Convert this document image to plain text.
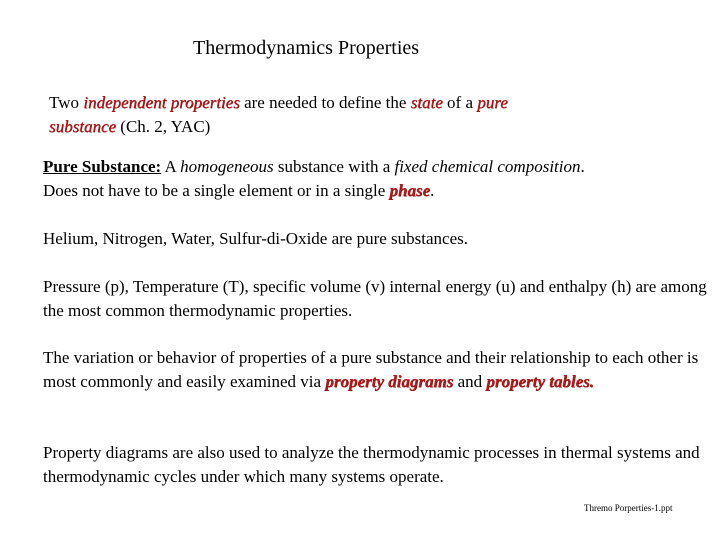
Thermodynamics Properties
Two independent properties are needed to define the state of a pure
substance (Ch. 2, YAC)
Pure Substance: A homogeneous substance with a fixed chemical composition.
Does not have to be a single element or in a single phase.
Helium, Nitrogen, Water, Sulfur-di-Oxide are pure substances.
Pressure (p), Temperature (T), specific volume (v) internal energy (u) and enthalpy (h) are among the most common thermodynamic properties.
The variation or behavior of properties of a pure substance and their relationship to each other is most commonly and easily examined via property diagrams and property tables.
Property diagrams are also used to analyze the thermodynamic processes in thermal systems and thermodynamic cycles under which many systems operate.
Thremo Porperties-1.ppt
